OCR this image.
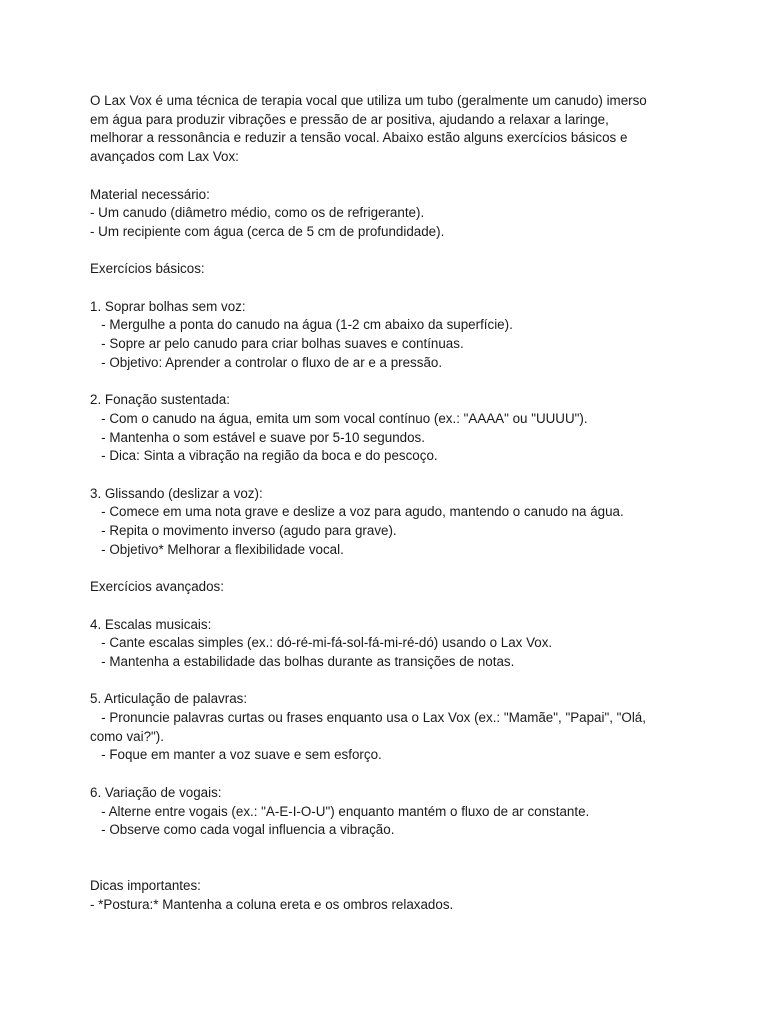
O Lax Vox é uma técnica de terapia vocal que utiliza um tubo (geralmente um canudo) imerso
em água para produzir vibrações e pressão de ar positiva, ajudando a relaxar a laringe,
melhorar a ressonância e reduzir a tensão vocal. Abaixo estão alguns exercícios básicos e
avançados com Lax Vox:
Material necessário:
- Um canudo (diâmetro médio, como os de refrigerante).
- Um recipiente com água (cerca de 5 cm de profundidade).
Exercícios básicos:
1. Soprar bolhas sem voz:
- Mergulhe a ponta do canudo na água (1-2 cm abaixo da superfície).
- Sopre ar pelo canudo para criar bolhas suaves e contínuas.
- Objetivo: Aprender a controlar o fluxo de ar e a pressão.
2. Fonação sustentada:
- Com o canudo na água, emita um som vocal contínuo (ex.: "AAAA" ou "UUUU").
- Mantenha o som estável e suave por 5-10 segundos.
- Dica: Sinta a vibração na região da boca e do pescoço.
3. Glissando (deslizar a voz):
- Comece em uma nota grave e deslize a voz para agudo, mantendo o canudo na água.
- Repita o movimento inverso (agudo para grave).
- Objetivo* Melhorar a flexibilidade vocal.
Exercícios avançados:
4. Escalas musicais:
- Cante escalas simples (ex.: dó-ré-mi-fá-sol-fá-mi-ré-dó) usando o Lax Vox.
- Mantenha a estabilidade das bolhas durante as transições de notas.
5. Articulação de palavras:
- Pronuncie palavras curtas ou frases enquanto usa o Lax Vox (ex.: "Mamãe", "Papai", "Olá,
como vai?").
- Foque em manter a voz suave e sem esforço.
6. Variação de vogais:
- Alterne entre vogais (ex.: "A-E-I-O-U") enquanto mantém o fluxo de ar constante.
- Observe como cada vogal influencia a vibração.
Dicas importantes:
- *Postura:* Mantenha a coluna ereta e os ombros relaxados.
